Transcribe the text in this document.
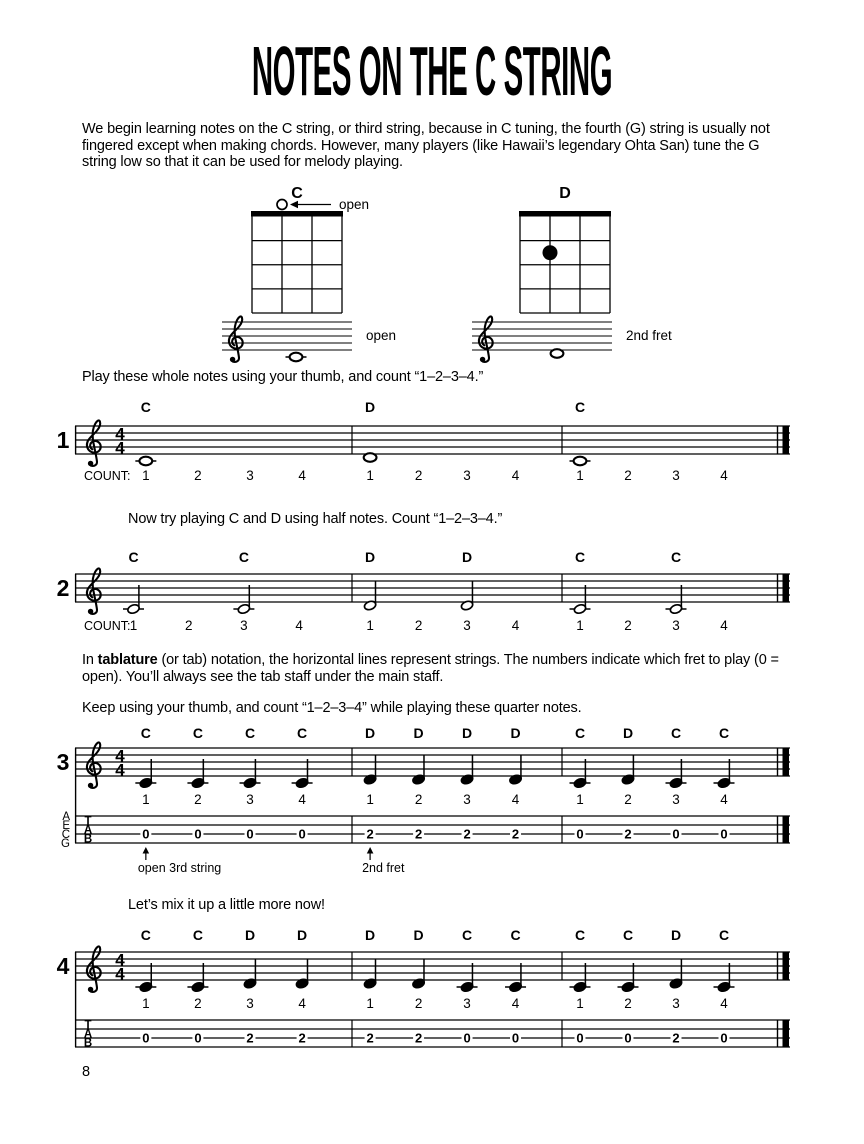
NOTES ON THE C STRING
We begin learning notes on the C string, or third string, because in C tuning, the fourth (G) string is usually not fingered except when making chords. However, many players (like Hawaii’s legendary Ohta San) tune the G string low so that it can be used for melody playing.
C
open
open
D
2nd fret
Play these whole notes using your thumb, and count “1–2–3–4.”
4
4
1
COUNT: 1
C
2	3	4	1
D
2	3	4	1
C
2	3	4
Now try playing C and D using half notes. Count “1–2–3–4.”
2
COUNT: 1
C
2	3
C
4	1
D
2	3
D
4	1
C
2	3
C
4
In tablature (or tab) notation, the horizontal lines represent strings. The numbers indicate which fret to play (0 = open). You’ll always see the tab staff under the main staff.
Keep using your thumb, and count “1–2–3–4” while playing these quarter notes.
4
4
3
1
C
2
C
3
C
4
C
1
D
2
D
3
D
4
D
1
C
2
D
3
C
4
C
T
A
B
A
E
C
G
0	0	0	0	2	2	2	2	0	2	0	0
open 3rd string	2nd fret
Let’s mix it up a little more now!
4
4
4
1
C
2
C
3
D
4
D
1
D
2
D
3
C
4
C
1
C
2
C
3
D
4
C
T
A
B	0	0	2	2	2	2	0	0	0	0	2	0
8
